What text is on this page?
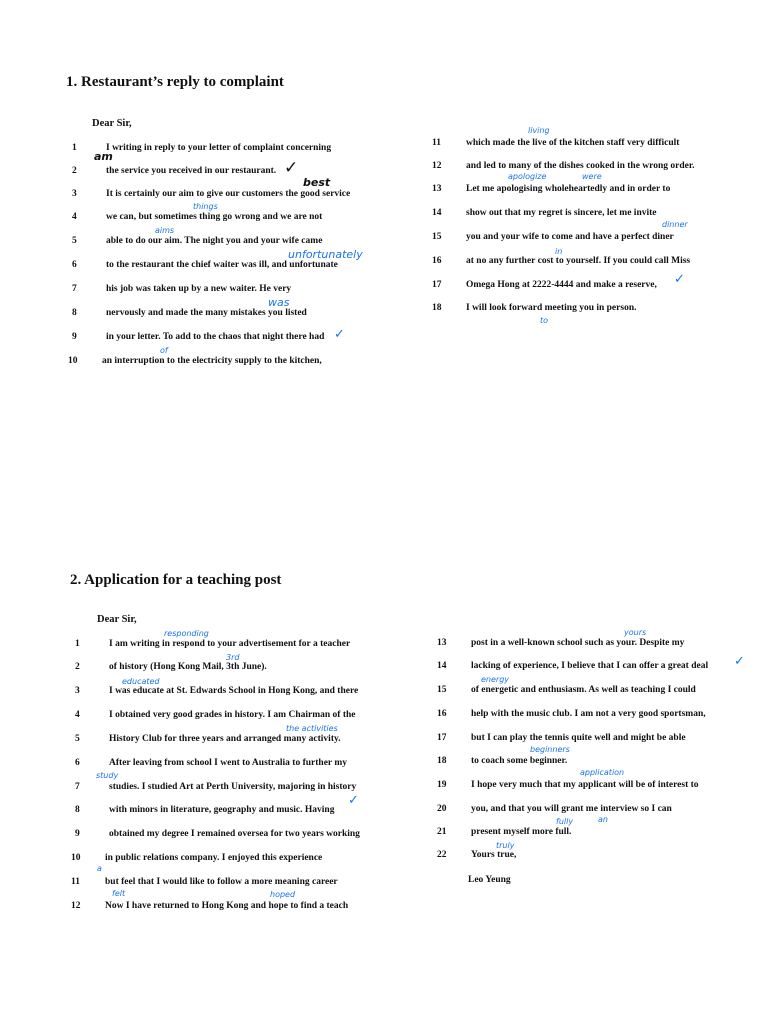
1. Restaurant’s reply to complaint
Dear Sir,
1	I writing in reply to your letter of complaint concerning
2	the service you received in our restaurant.
3	It is certainly our aim to give our customers the good service
4	we can, but sometimes thing go wrong and we are not
5	able to do our aim. The night you and your wife came
6	to the restaurant the chief waiter was ill, and unfortunate
7	his job was taken up by a new waiter. He very
8	nervously and made the many mistakes you listed
9	in your letter. To add to the chaos that night there had
10	an interruption to the electricity supply to the kitchen,
11	which made the live of the kitchen staff very difficult
12	and led to many of the dishes cooked in the wrong order.
13	Let me apologising wholeheartedly and in order to
14	show out that my regret is sincere, let me invite
15	you and your wife to come and have a perfect diner
16	at no any further cost to yourself. If you could call Miss
17	Omega Hong at 2222-4444 and make a reserve,
18	I will look forward meeting you in person.
am
✓
best
things
aims
unfortunately
was
✓
of
living
apologize	were
dinner
in
✓
to
2. Application for a teaching post
Dear Sir,
1	I am writing in respond to your advertisement for a teacher
2	of history (Hong Kong Mail, 3th June).
3	I was educate at St. Edwards School in Hong Kong, and there
4	I obtained very good grades in history. I am Chairman of the
5	History Club for three years and arranged many activity.
6	After leaving from school I went to Australia to further my
7	studies. I studied Art at Perth University, majoring in history
8	with minors in literature, geography and music. Having
9	obtained my degree I remained oversea for two years working
10	in public relations company. I enjoyed this experience
11	but feel that I would like to follow a more meaning career
12	Now I have returned to Hong Kong and hope to find a teach
13	post in a well-known school such as your. Despite my
14	lacking of experience, I believe that I can offer a great deal
15	of energetic and enthusiasm. As well as teaching I could
16	help with the music club. I am not a very good sportsman,
17	but I can play the tennis quite well and might be able
18	to coach some beginner.
19	I hope very much that my applicant will be of interest to
20	you, and that you will grant me interview so I can
21	present myself more full.
22	Yours true,
Leo Yeung
responding
3rd
educated
the activities
study
a
✓
felt	hoped
yours
✓
energy
beginners
application
an
fully
truly
